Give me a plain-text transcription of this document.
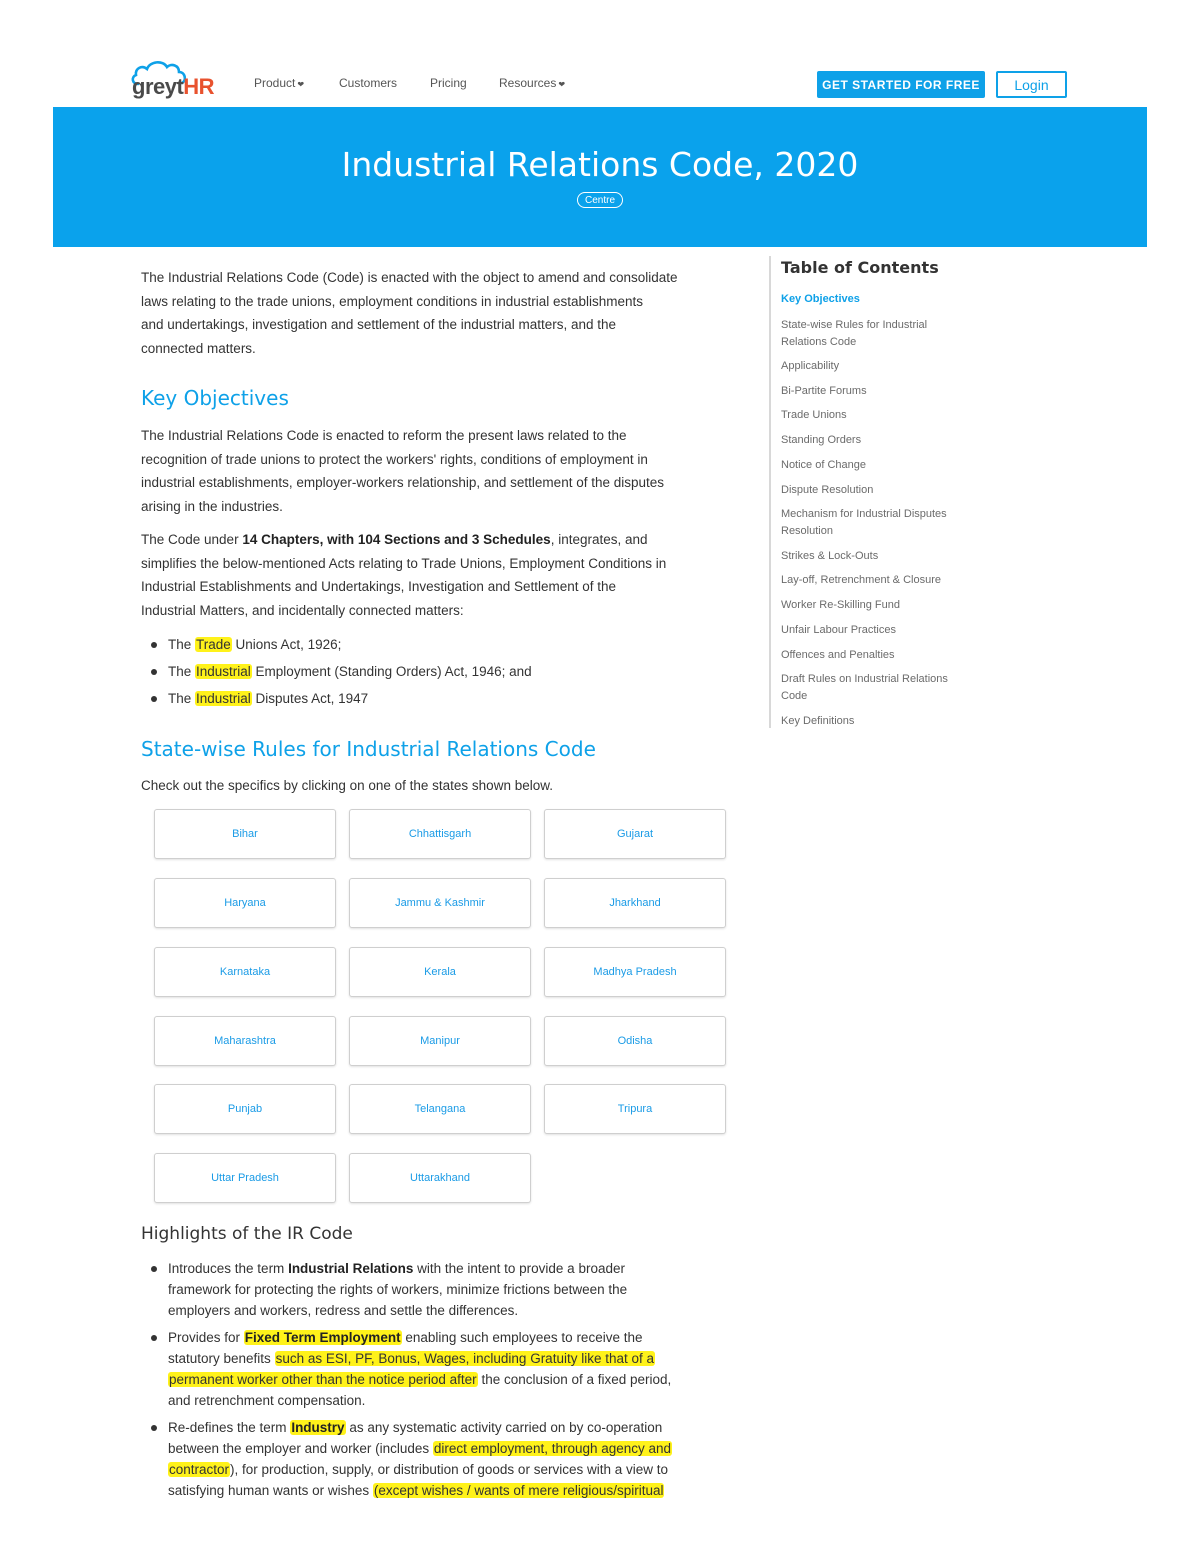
greytHR	Product ❤	Customers	Pricing	Resources ❤	GET STARTED FOR FREE	Login
Industrial Relations Code, 2020
Centre
The Industrial Relations Code (Code) is enacted with the object to amend and consolidate
laws relating to the trade unions, employment conditions in industrial establishments
and undertakings, investigation and settlement of the industrial matters, and the
connected matters.
Key Objectives
The Industrial Relations Code is enacted to reform the present laws related to the
recognition of trade unions to protect the workers' rights, conditions of employment in
industrial establishments, employer-workers relationship, and settlement of the disputes
arising in the industries.
The Code under 14 Chapters, with 104 Sections and 3 Schedules, integrates, and
simplifies the below-mentioned Acts relating to Trade Unions, Employment Conditions in
Industrial Establishments and Undertakings, Investigation and Settlement of the
Industrial Matters, and incidentally connected matters:
The Trade Unions Act, 1926;
The Industrial Employment (Standing Orders) Act, 1946; and
The Industrial Disputes Act, 1947
State-wise Rules for Industrial Relations Code
Check out the specifics by clicking on one of the states shown below.
Bihar	Chhattisgarh	Gujarat
Haryana	Jammu & Kashmir	Jharkhand
Karnataka	Kerala	Madhya Pradesh
Maharashtra	Manipur	Odisha
Punjab	Telangana	Tripura
Uttar Pradesh	Uttarakhand
Highlights of the IR Code
Introduces the term Industrial Relations with the intent to provide a broader
framework for protecting the rights of workers, minimize frictions between the
employers and workers, redress and settle the differences.
Provides for Fixed Term Employment enabling such employees to receive the
statutory benefits such as ESI, PF, Bonus, Wages, including Gratuity like that of a
permanent worker other than the notice period after the conclusion of a fixed period,
and retrenchment compensation.
Re-defines the term Industry as any systematic activity carried on by co-operation
between the employer and worker (includes direct employment, through agency and
contractor), for production, supply, or distribution of goods or services with a view to
satisfying human wants or wishes (except wishes / wants of mere religious/spiritual
Table of Contents
Key Objectives
State-wise Rules for Industrial Relations Code
Applicability
Bi-Partite Forums
Trade Unions
Standing Orders
Notice of Change
Dispute Resolution
Mechanism for Industrial Disputes Resolution
Strikes & Lock-Outs
Lay-off, Retrenchment & Closure
Worker Re-Skilling Fund
Unfair Labour Practices
Offences and Penalties
Draft Rules on Industrial Relations Code
Key Definitions
